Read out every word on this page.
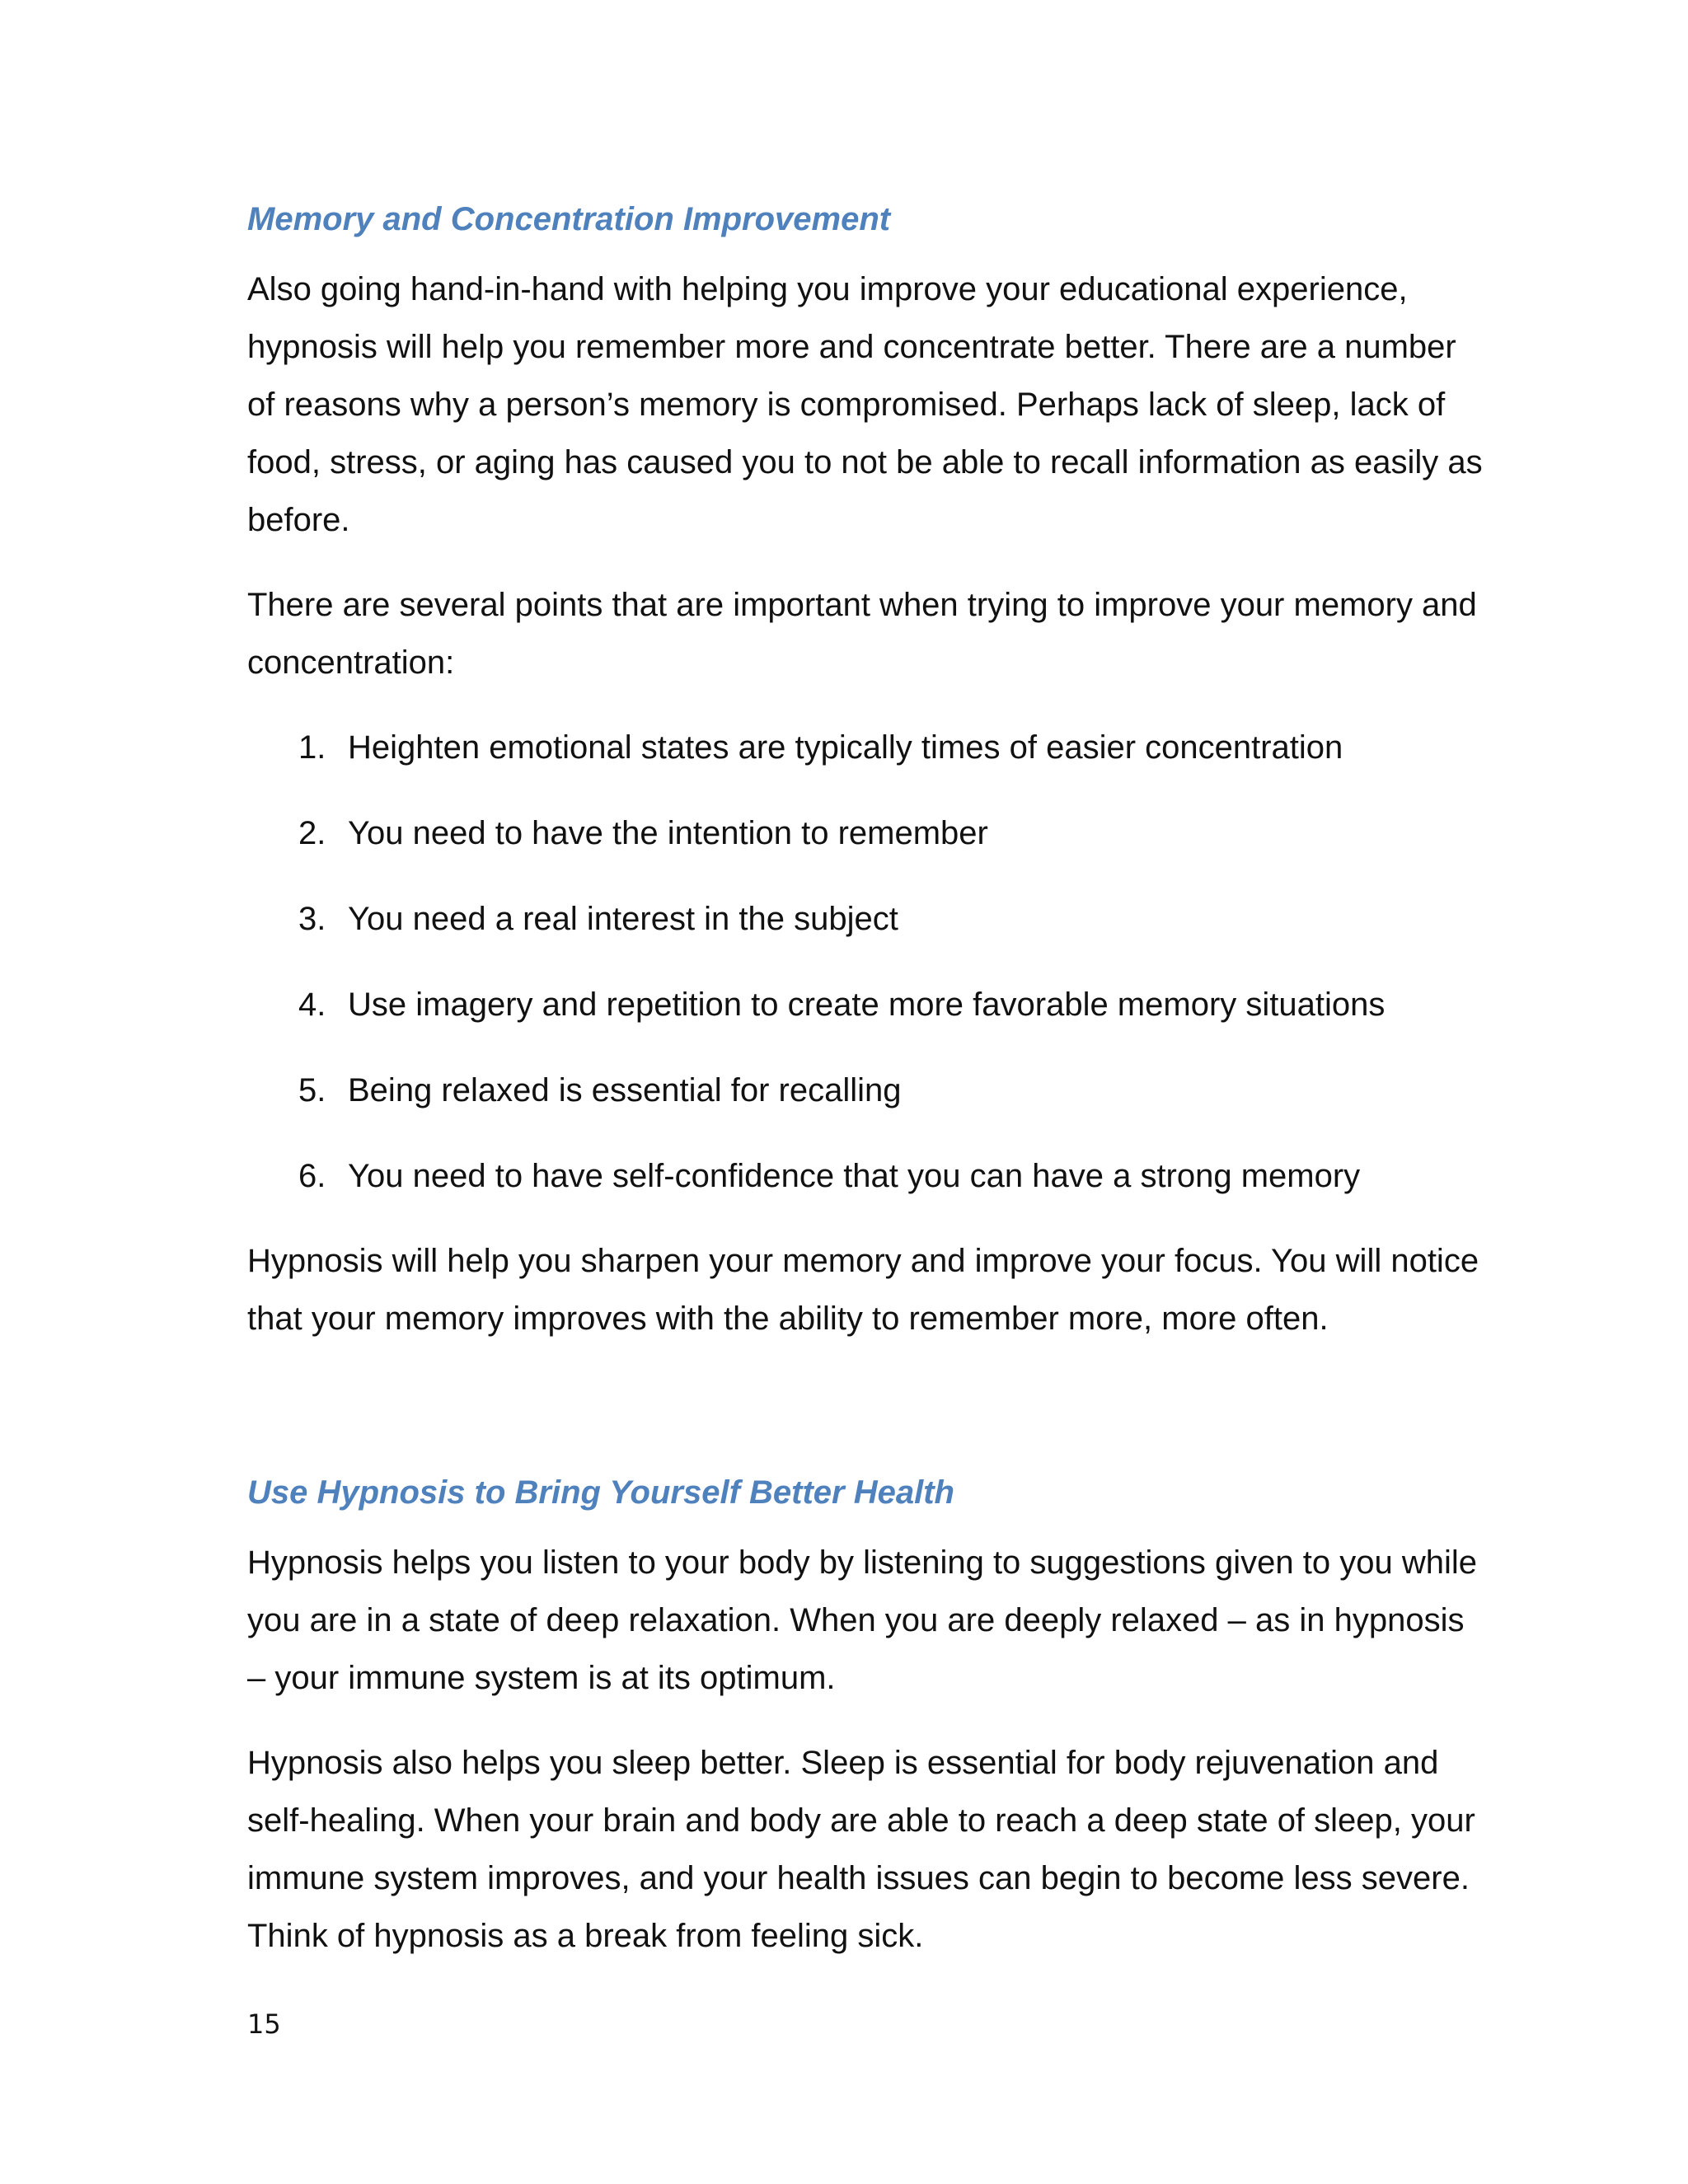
Memory and Concentration Improvement

Also going hand-in-hand with helping you improve your educational experience, hypnosis will help you remember more and concentrate better. There are a number of reasons why a person’s memory is compromised. Perhaps lack of sleep, lack of food, stress, or aging has caused you to not be able to recall information as easily as before.

There are several points that are important when trying to improve your memory and concentration:

1. Heighten emotional states are typically times of easier concentration
2. You need to have the intention to remember
3. You need a real interest in the subject
4. Use imagery and repetition to create more favorable memory situations
5. Being relaxed is essential for recalling
6. You need to have self-confidence that you can have a strong memory

Hypnosis will help you sharpen your memory and improve your focus. You will notice that your memory improves with the ability to remember more, more often.

Use Hypnosis to Bring Yourself Better Health

Hypnosis helps you listen to your body by listening to suggestions given to you while you are in a state of deep relaxation. When you are deeply relaxed – as in hypnosis – your immune system is at its optimum.

Hypnosis also helps you sleep better. Sleep is essential for body rejuvenation and self-healing. When your brain and body are able to reach a deep state of sleep, your immune system improves, and your health issues can begin to become less severe. Think of hypnosis as a break from feeling sick.

15
